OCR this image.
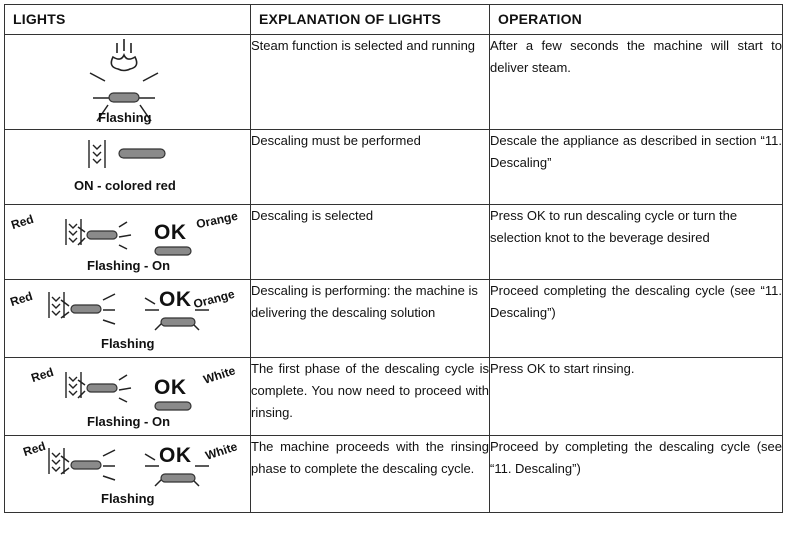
LIGHTS	EXPLANATION OF LIGHTS	OPERATION

Flashing	Steam function is selected and running	After a few seconds the machine will start to deliver steam.

ON - colored red	Descaling must be performed	Descale the appliance as described in section “11. Descaling”

Red OK
Orange
Flashing - On	Descaling is selected	Press OK to run descaling cycle or turn the selection knot to the beverage desired

Red OK Orange
Flashing	Descaling is performing: the machine is delivering the descaling solution	Proceed completing the descaling cycle (see “11. Descaling”)

Red
OK
White
Flashing - On	The first phase of the descaling cycle is complete. You now need to proceed with rinsing.	Press OK to start rinsing.

Red OK White
Flashing	The machine proceeds with the rinsing phase to complete the descaling cycle.	Proceed by completing the descaling cycle (see “11. Descaling”)
